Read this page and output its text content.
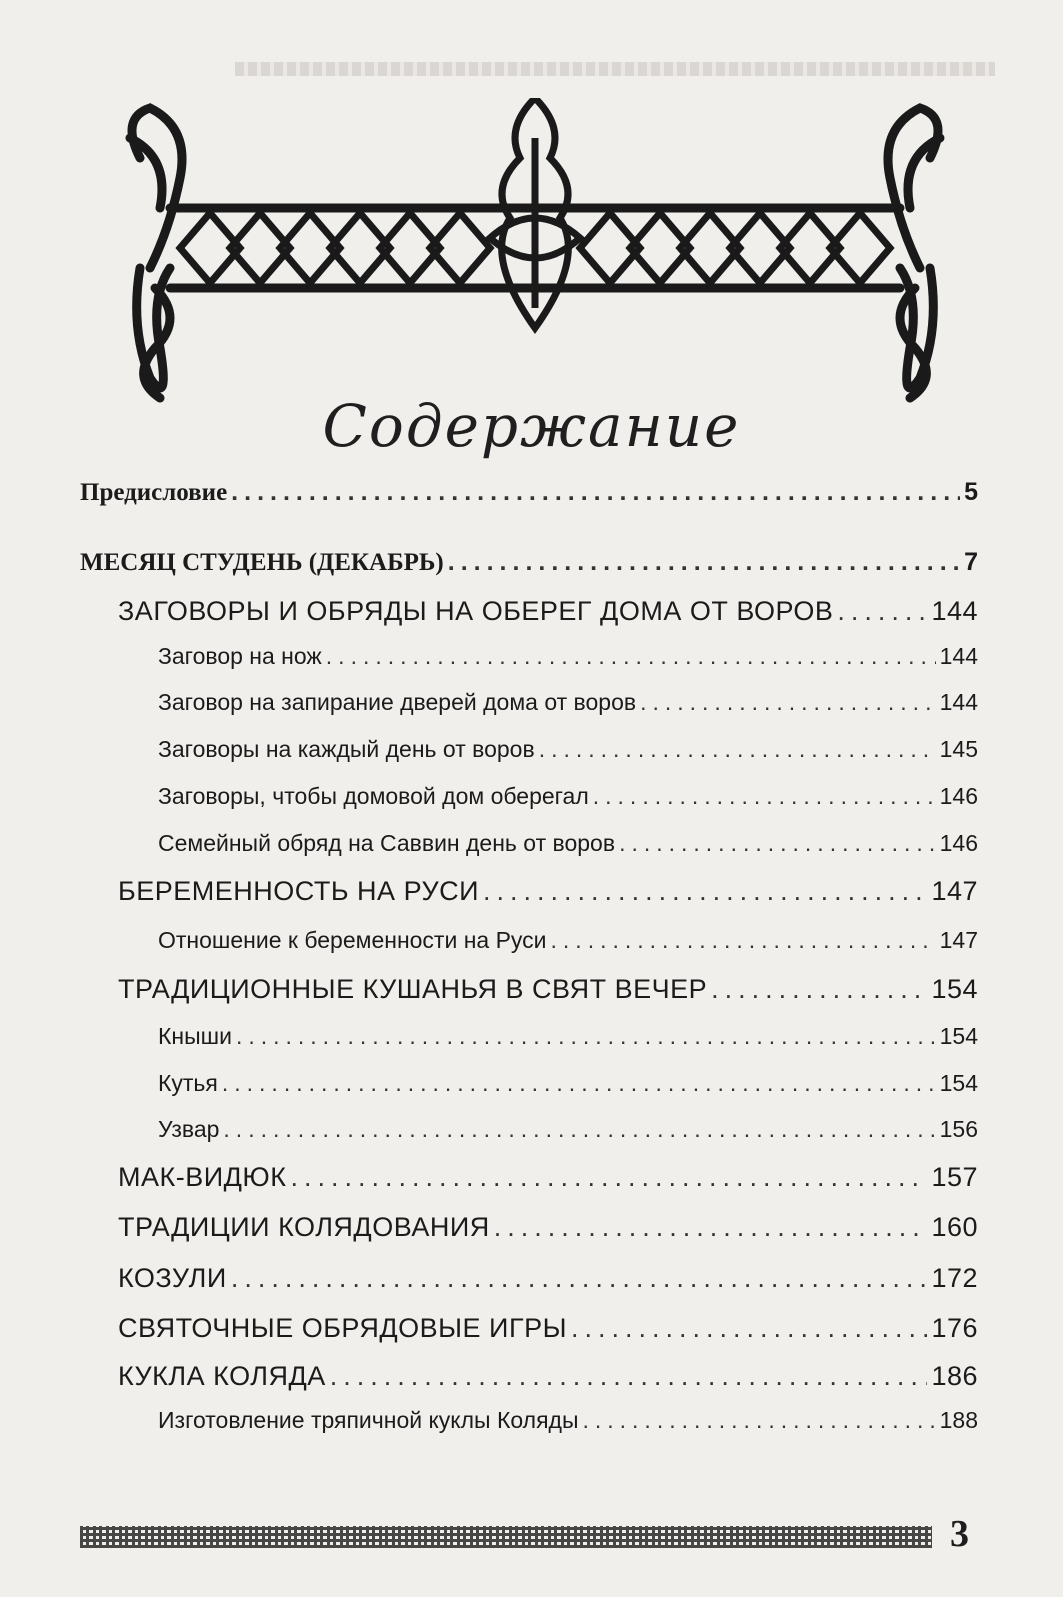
Содержание
Предисловие .....	5
МЕСЯЦ СТУДЕНЬ (ДЕКАБРЬ) .....	7
ЗАГОВОРЫ И ОБРЯДЫ НА ОБЕРЕГ ДОМА ОТ ВОРОВ .....	144
Заговор на нож .....	144
Заговор на запирание дверей дома от воров .....	144
Заговоры на каждый день от воров .....	145
Заговоры, чтобы домовой дом оберегал .....	146
Семейный обряд на Саввин день от воров .....	146
БЕРЕМЕННОСТЬ НА РУСИ .....	147
Отношение к беременности на Руси .....	147
ТРАДИЦИОННЫЕ КУШАНЬЯ В СВЯТ ВЕЧЕР .....	154
Кныши .....	154
Кутья .....	154
Узвар .....	156
МАК-ВИДЮК .....	157
ТРАДИЦИИ КОЛЯДОВАНИЯ .....	160
КОЗУЛИ .....	172
СВЯТОЧНЫЕ ОБРЯДОВЫЕ ИГРЫ .....	176
КУКЛА КОЛЯДА .....	186
Изготовление тряпичной куклы Коляды .....	188
3
